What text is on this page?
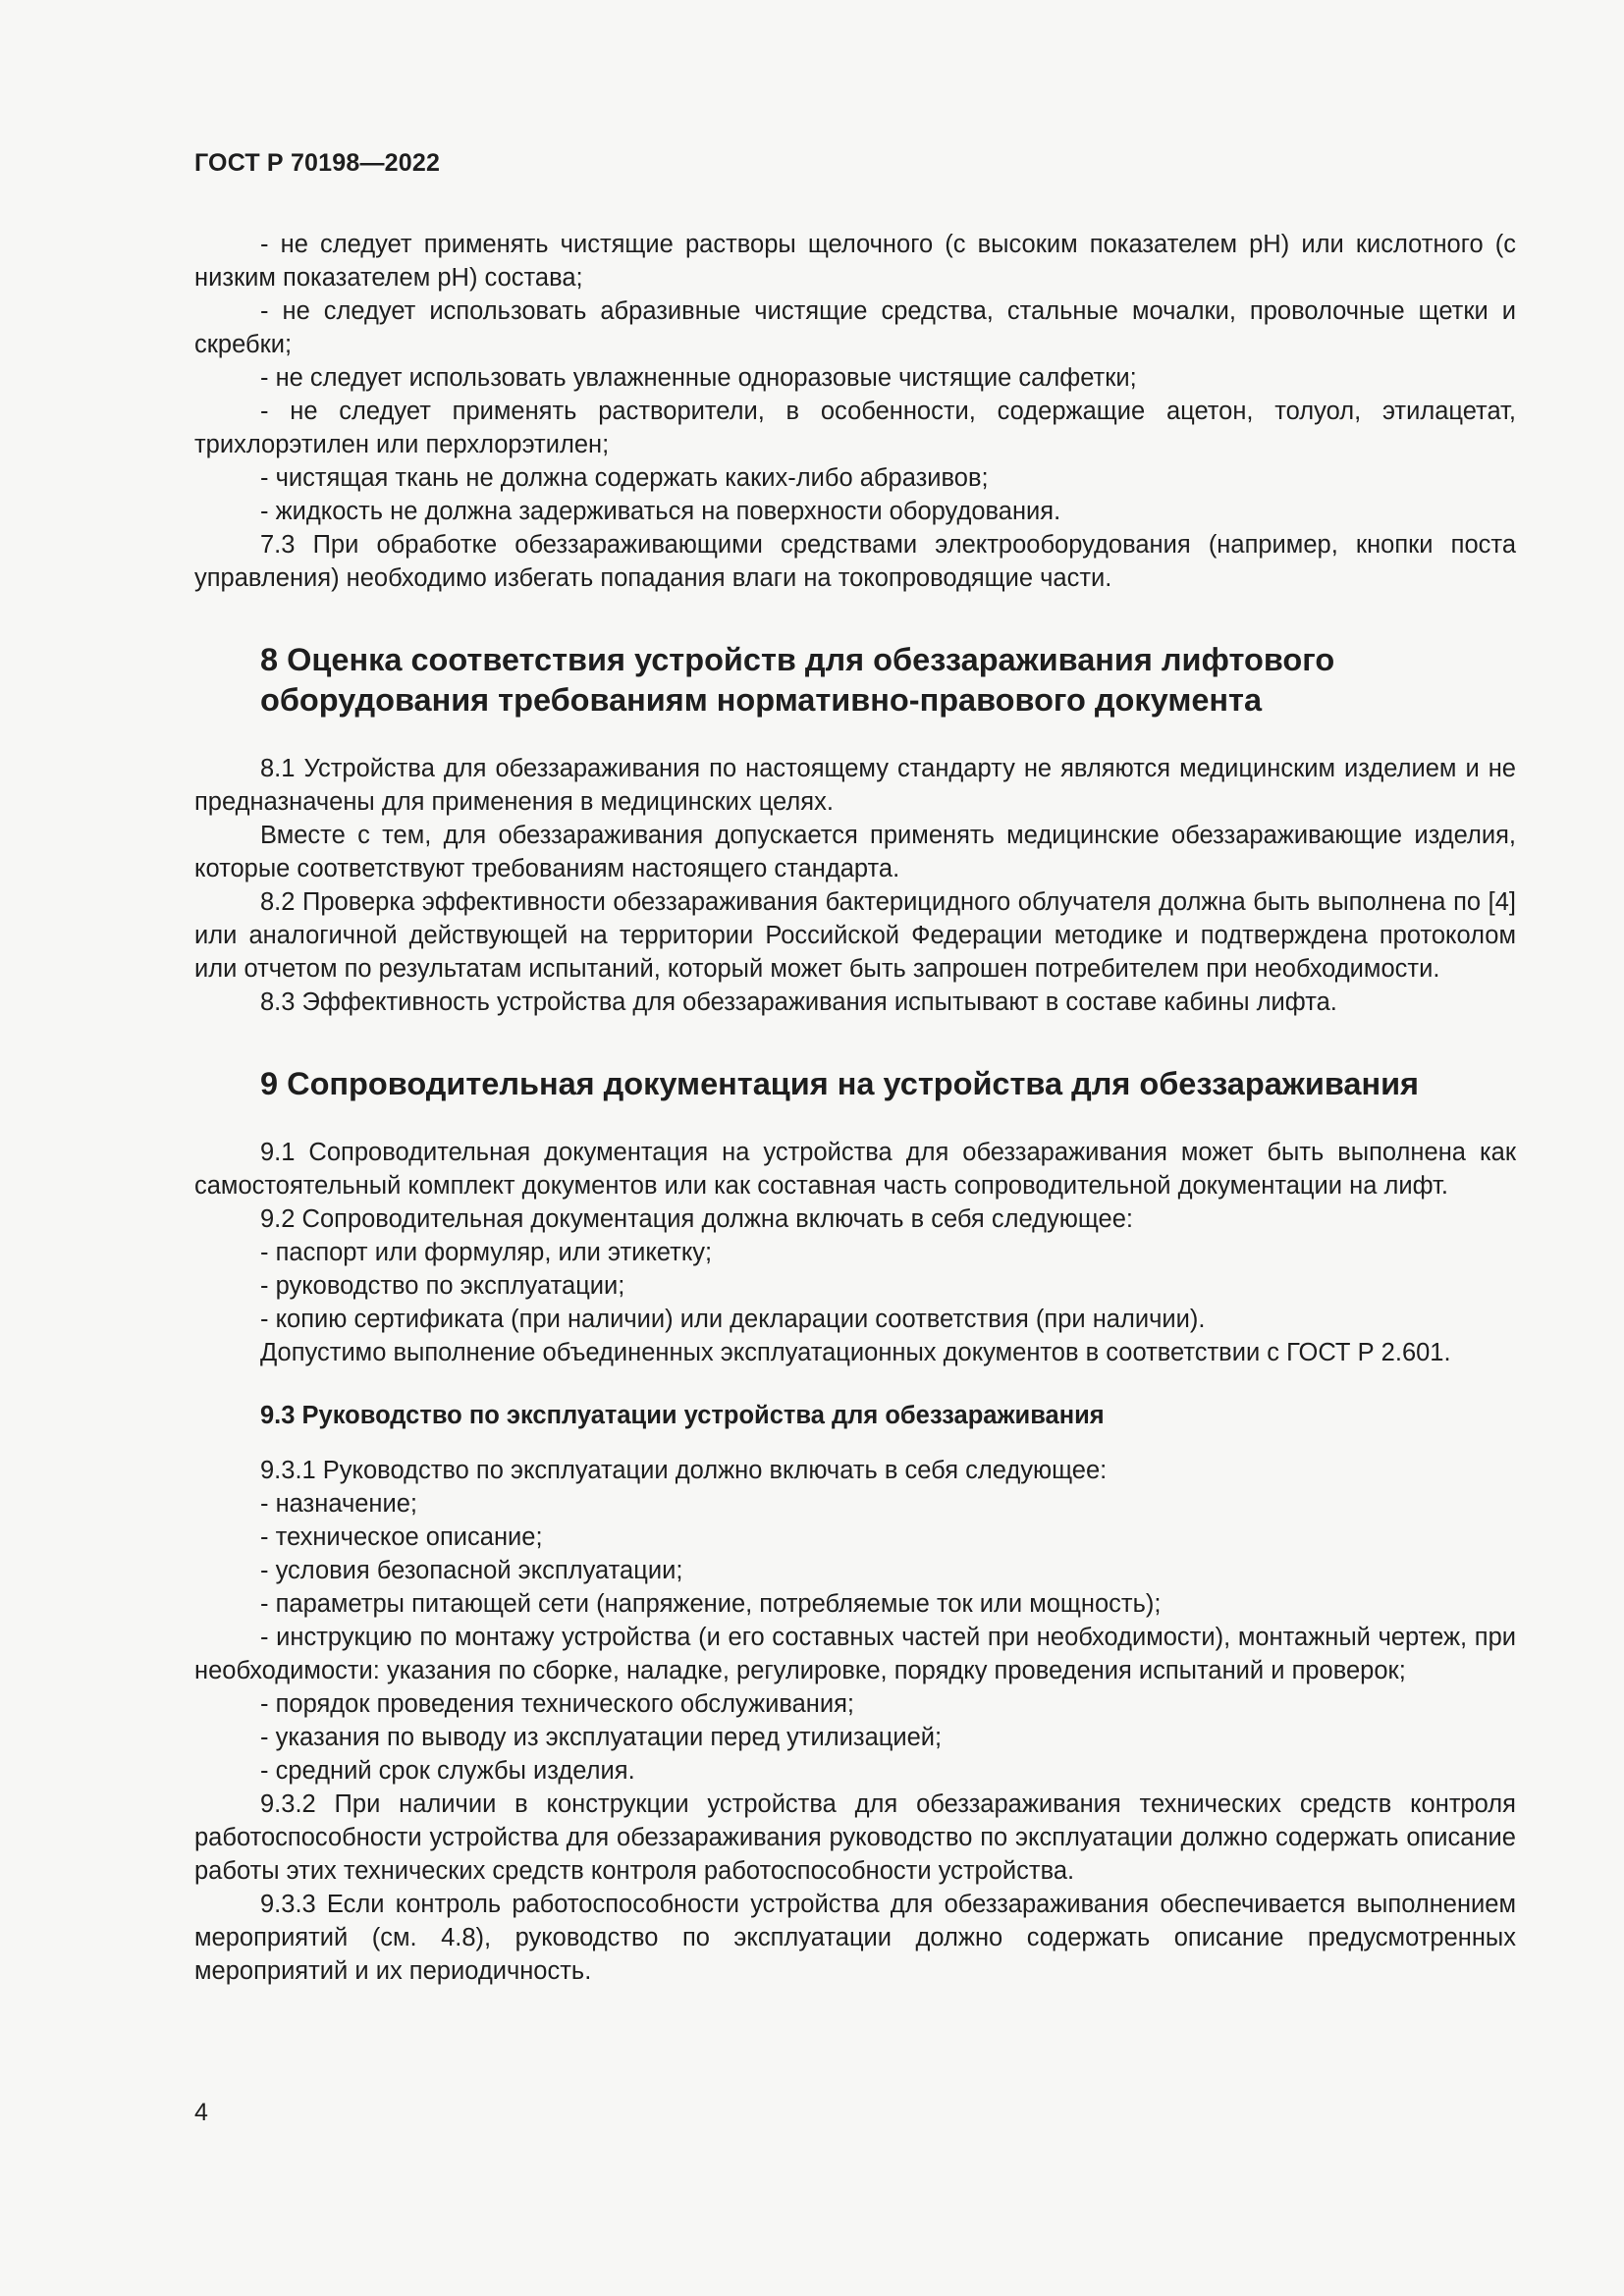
ГОСТ Р 70198—2022

- не следует применять чистящие растворы щелочного (с высоким показателем рН) или кислотного (с низким показателем рН) состава;

- не следует использовать абразивные чистящие средства, стальные мочалки, проволочные щетки и скребки;

- не следует использовать увлажненные одноразовые чистящие салфетки;

- не следует применять растворители, в особенности, содержащие ацетон, толуол, этилацетат, трихлорэтилен или перхлорэтилен;

- чистящая ткань не должна содержать каких-либо абразивов;

- жидкость не должна задерживаться на поверхности оборудования.

7.3 При обработке обеззараживающими средствами электрооборудования (например, кнопки поста управления) необходимо избегать попадания влаги на токопроводящие части.

8 Оценка соответствия устройств для обеззараживания лифтового оборудования требованиям нормативно-правового документа

8.1 Устройства для обеззараживания по настоящему стандарту не являются медицинским изделием и не предназначены для применения в медицинских целях.

Вместе с тем, для обеззараживания допускается применять медицинские обеззараживающие изделия, которые соответствуют требованиям настоящего стандарта.

8.2 Проверка эффективности обеззараживания бактерицидного облучателя должна быть выполнена по [4] или аналогичной действующей на территории Российской Федерации методике и подтверждена протоколом или отчетом по результатам испытаний, который может быть запрошен потребителем при необходимости.

8.3 Эффективность устройства для обеззараживания испытывают в составе кабины лифта.

9 Сопроводительная документация на устройства для обеззараживания

9.1 Сопроводительная документация на устройства для обеззараживания может быть выполнена как самостоятельный комплект документов или как составная часть сопроводительной документации на лифт.

9.2 Сопроводительная документация должна включать в себя следующее:

- паспорт или формуляр, или этикетку;

- руководство по эксплуатации;

- копию сертификата (при наличии) или декларации соответствия (при наличии).

Допустимо выполнение объединенных эксплуатационных документов в соответствии с ГОСТ Р 2.601.

9.3 Руководство по эксплуатации устройства для обеззараживания

9.3.1 Руководство по эксплуатации должно включать в себя следующее:

- назначение;

- техническое описание;

- условия безопасной эксплуатации;

- параметры питающей сети (напряжение, потребляемые ток или мощность);

- инструкцию по монтажу устройства (и его составных частей при необходимости), монтажный чертеж, при необходимости: указания по сборке, наладке, регулировке, порядку проведения испытаний и проверок;

- порядок проведения технического обслуживания;

- указания по выводу из эксплуатации перед утилизацией;

- средний срок службы изделия.

9.3.2 При наличии в конструкции устройства для обеззараживания технических средств контроля работоспособности устройства для обеззараживания руководство по эксплуатации должно содержать описание работы этих технических средств контроля работоспособности устройства.

9.3.3 Если контроль работоспособности устройства для обеззараживания обеспечивается выполнением мероприятий (см. 4.8), руководство по эксплуатации должно содержать описание предусмотренных мероприятий и их периодичность.

4
